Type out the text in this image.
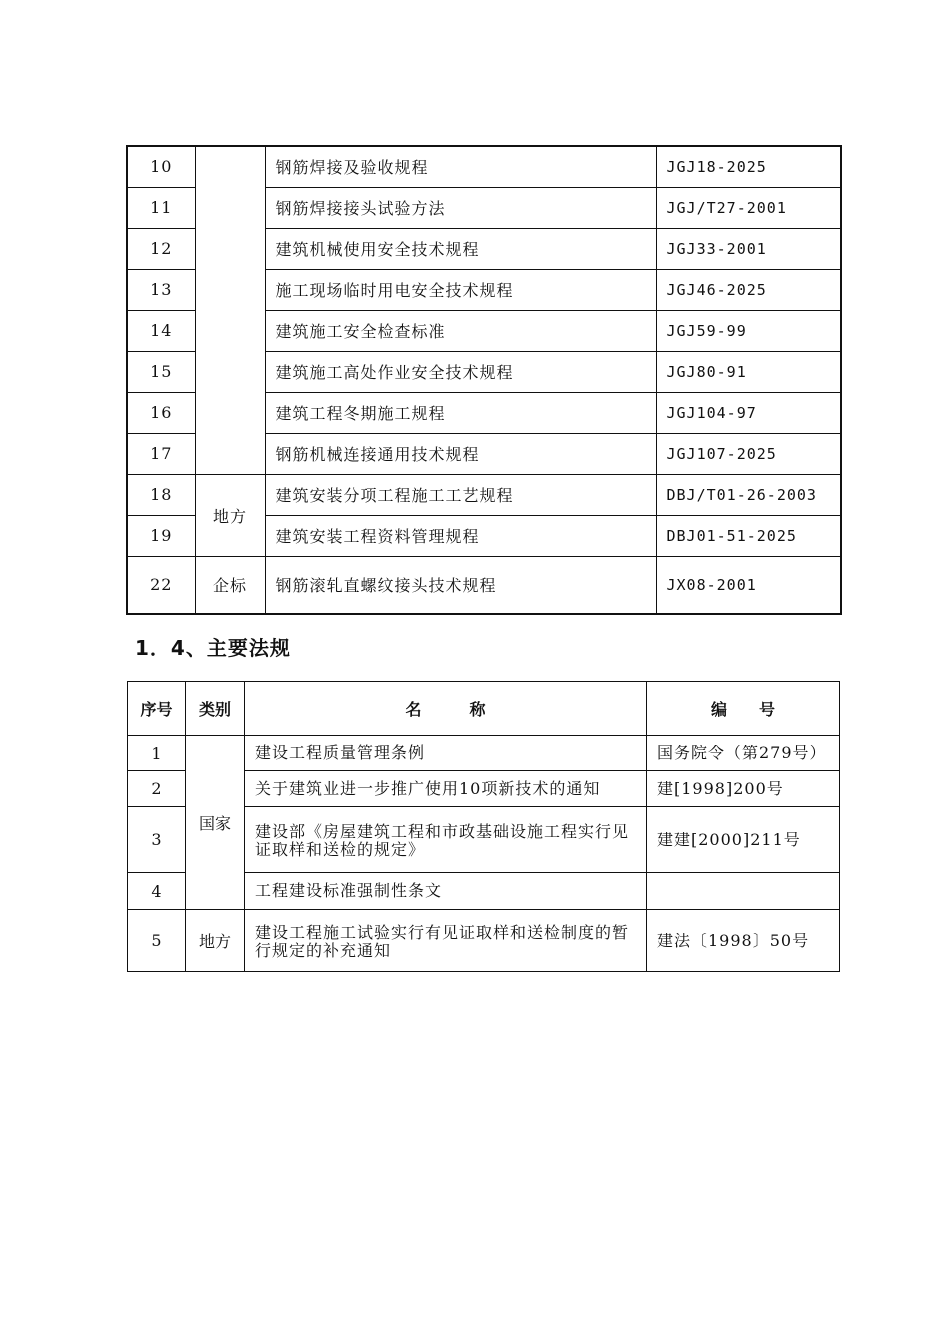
10		钢筋焊接及验收规程	JGJ18-2025
11		钢筋焊接接头试验方法	JGJ/T27-2001
12		建筑机械使用安全技术规程	JGJ33-2001
13		施工现场临时用电安全技术规程	JGJ46-2025
14		建筑施工安全检查标准	JGJ59-99
15		建筑施工高处作业安全技术规程	JGJ80-91
16		建筑工程冬期施工规程	JGJ104-97
17		钢筋机械连接通用技术规程	JGJ107-2025
18	地方	建筑安装分项工程施工工艺规程	DBJ/T01-26-2003
19		建筑安装工程资料管理规程	DBJ01-51-2025
22	企标	钢筋滚轧直螺纹接头技术规程	JX08-2001
1．4、主要法规
序号	类别	名　　　称	编　　号
1	国家	建设工程质量管理条例	国务院令（第279号）

2		关于建筑业进一步推广使用10项新技术的通知	建[1998]200号

3		建设部《房屋建筑工程和市政基础设施工程实行见证取样和送检的规定》	建建[2000]211号

4		工程建设标准强制性条文	

5	地方	建设工程施工试验实行有见证取样和送检制度的暂行规定的补充通知	建法〔1998〕50号
